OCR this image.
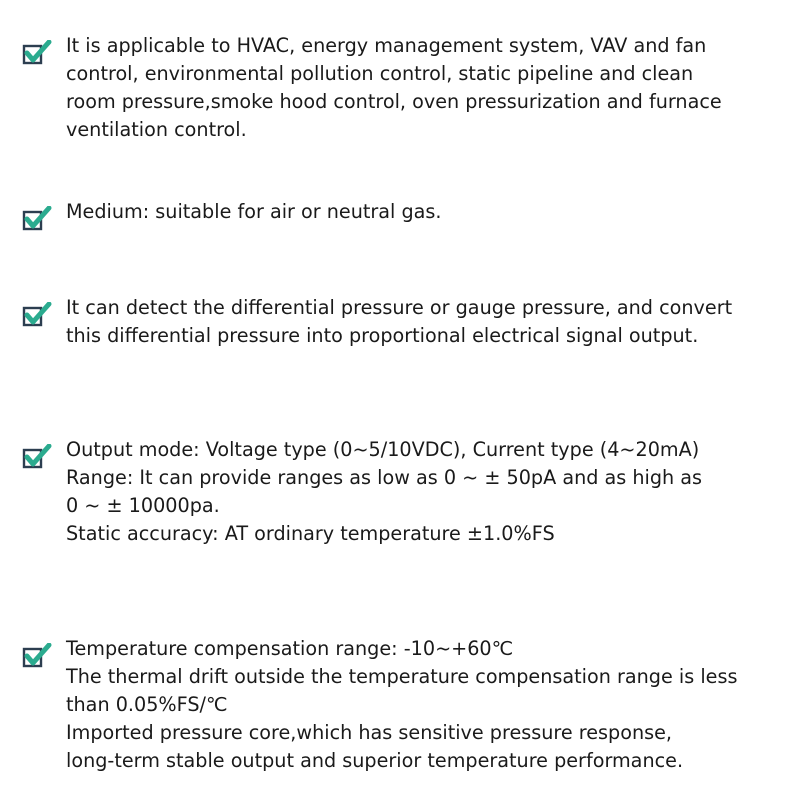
It is applicable to HVAC, energy management system, VAV and fan
control, environmental pollution control, static pipeline and clean
room pressure,smoke hood control, oven pressurization and furnace
ventilation control.
Medium: suitable for air or neutral gas.
It can detect the differential pressure or gauge pressure, and convert
this differential pressure into proportional electrical signal output.
Output mode: Voltage type (0~5/10VDC), Current type (4~20mA)
Range: It can provide ranges as low as 0 ~ ± 50pA and as high as
0 ~ ± 10000pa.
Static accuracy: AT ordinary temperature ±1.0%FS
Temperature compensation range: -10~+60℃
The thermal drift outside the temperature compensation range is less
than 0.05%FS/℃
Imported pressure core,which has sensitive pressure response,
long-term stable output and superior temperature performance.
